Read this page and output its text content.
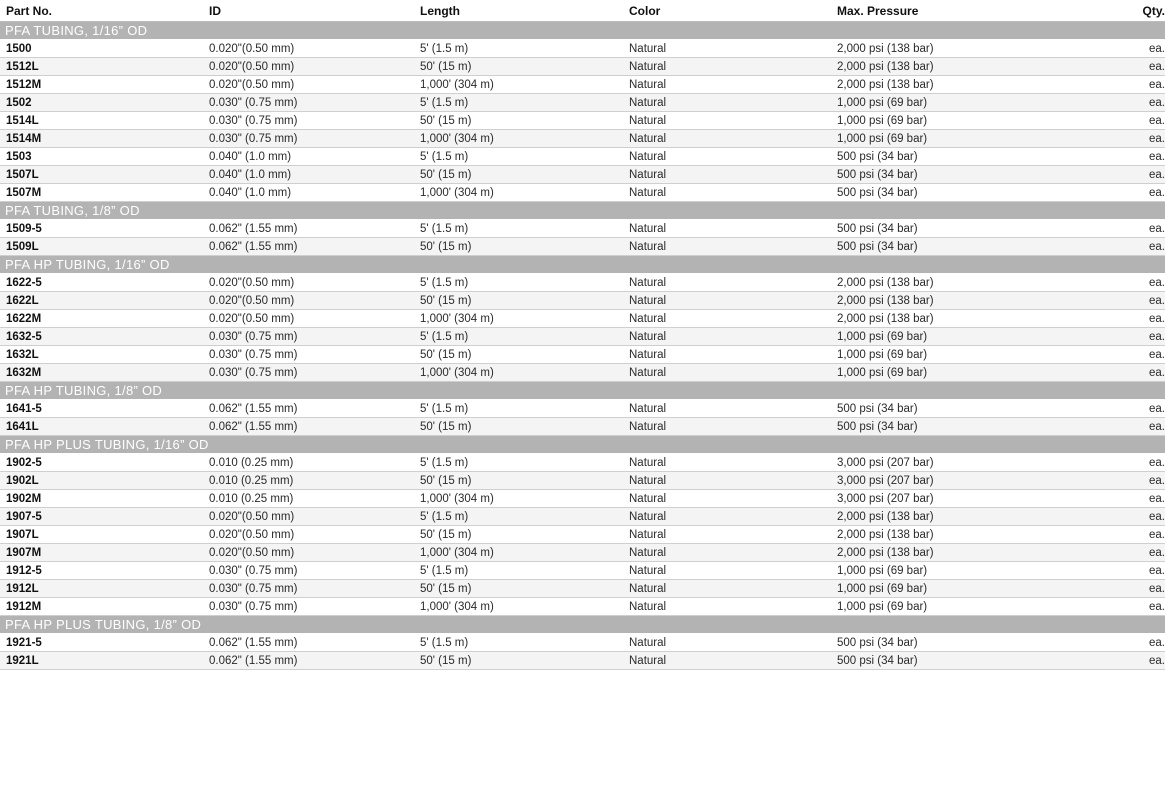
Part No.	ID	Length	Color	Max. Pressure	Qty.
PFA TUBING, 1/16” OD
1500	0.020"(0.50 mm)	5' (1.5 m)	Natural	2,000 psi (138 bar)	ea.
1512L	0.020"(0.50 mm)	50' (15 m)	Natural	2,000 psi (138 bar)	ea.
1512M	0.020"(0.50 mm)	1,000' (304 m)	Natural	2,000 psi (138 bar)	ea.
1502	0.030" (0.75 mm)	5' (1.5 m)	Natural	1,000 psi (69 bar)	ea.
1514L	0.030" (0.75 mm)	50' (15 m)	Natural	1,000 psi (69 bar)	ea.
1514M	0.030" (0.75 mm)	1,000' (304 m)	Natural	1,000 psi (69 bar)	ea.
1503	0.040" (1.0 mm)	5' (1.5 m)	Natural	500 psi (34 bar)	ea.
1507L	0.040" (1.0 mm)	50' (15 m)	Natural	500 psi (34 bar)	ea.
1507M	0.040" (1.0 mm)	1,000' (304 m)	Natural	500 psi (34 bar)	ea.
PFA TUBING, 1/8” OD
1509-5	0.062" (1.55 mm)	5' (1.5 m)	Natural	500 psi (34 bar)	ea.
1509L	0.062" (1.55 mm)	50' (15 m)	Natural	500 psi (34 bar)	ea.
PFA HP TUBING, 1/16” OD
1622-5	0.020"(0.50 mm)	5' (1.5 m)	Natural	2,000 psi (138 bar)	ea.
1622L	0.020"(0.50 mm)	50' (15 m)	Natural	2,000 psi (138 bar)	ea.
1622M	0.020"(0.50 mm)	1,000' (304 m)	Natural	2,000 psi (138 bar)	ea.
1632-5	0.030" (0.75 mm)	5' (1.5 m)	Natural	1,000 psi (69 bar)	ea.
1632L	0.030" (0.75 mm)	50' (15 m)	Natural	1,000 psi (69 bar)	ea.
1632M	0.030" (0.75 mm)	1,000' (304 m)	Natural	1,000 psi (69 bar)	ea.
PFA HP TUBING, 1/8” OD
1641-5	0.062" (1.55 mm)	5' (1.5 m)	Natural	500 psi (34 bar)	ea.
1641L	0.062" (1.55 mm)	50' (15 m)	Natural	500 psi (34 bar)	ea.
PFA HP PLUS TUBING, 1/16” OD
1902-5	0.010 (0.25 mm)	5' (1.5 m)	Natural	3,000 psi (207 bar)	ea.
1902L	0.010 (0.25 mm)	50' (15 m)	Natural	3,000 psi (207 bar)	ea.
1902M	0.010 (0.25 mm)	1,000' (304 m)	Natural	3,000 psi (207 bar)	ea.
1907-5	0.020"(0.50 mm)	5' (1.5 m)	Natural	2,000 psi (138 bar)	ea.
1907L	0.020"(0.50 mm)	50' (15 m)	Natural	2,000 psi (138 bar)	ea.
1907M	0.020"(0.50 mm)	1,000' (304 m)	Natural	2,000 psi (138 bar)	ea.
1912-5	0.030" (0.75 mm)	5' (1.5 m)	Natural	1,000 psi (69 bar)	ea.
1912L	0.030" (0.75 mm)	50' (15 m)	Natural	1,000 psi (69 bar)	ea.
1912M	0.030" (0.75 mm)	1,000' (304 m)	Natural	1,000 psi (69 bar)	ea.
PFA HP PLUS TUBING, 1/8” OD
1921-5	0.062" (1.55 mm)	5' (1.5 m)	Natural	500 psi (34 bar)	ea.
1921L	0.062" (1.55 mm)	50' (15 m)	Natural	500 psi (34 bar)	ea.
